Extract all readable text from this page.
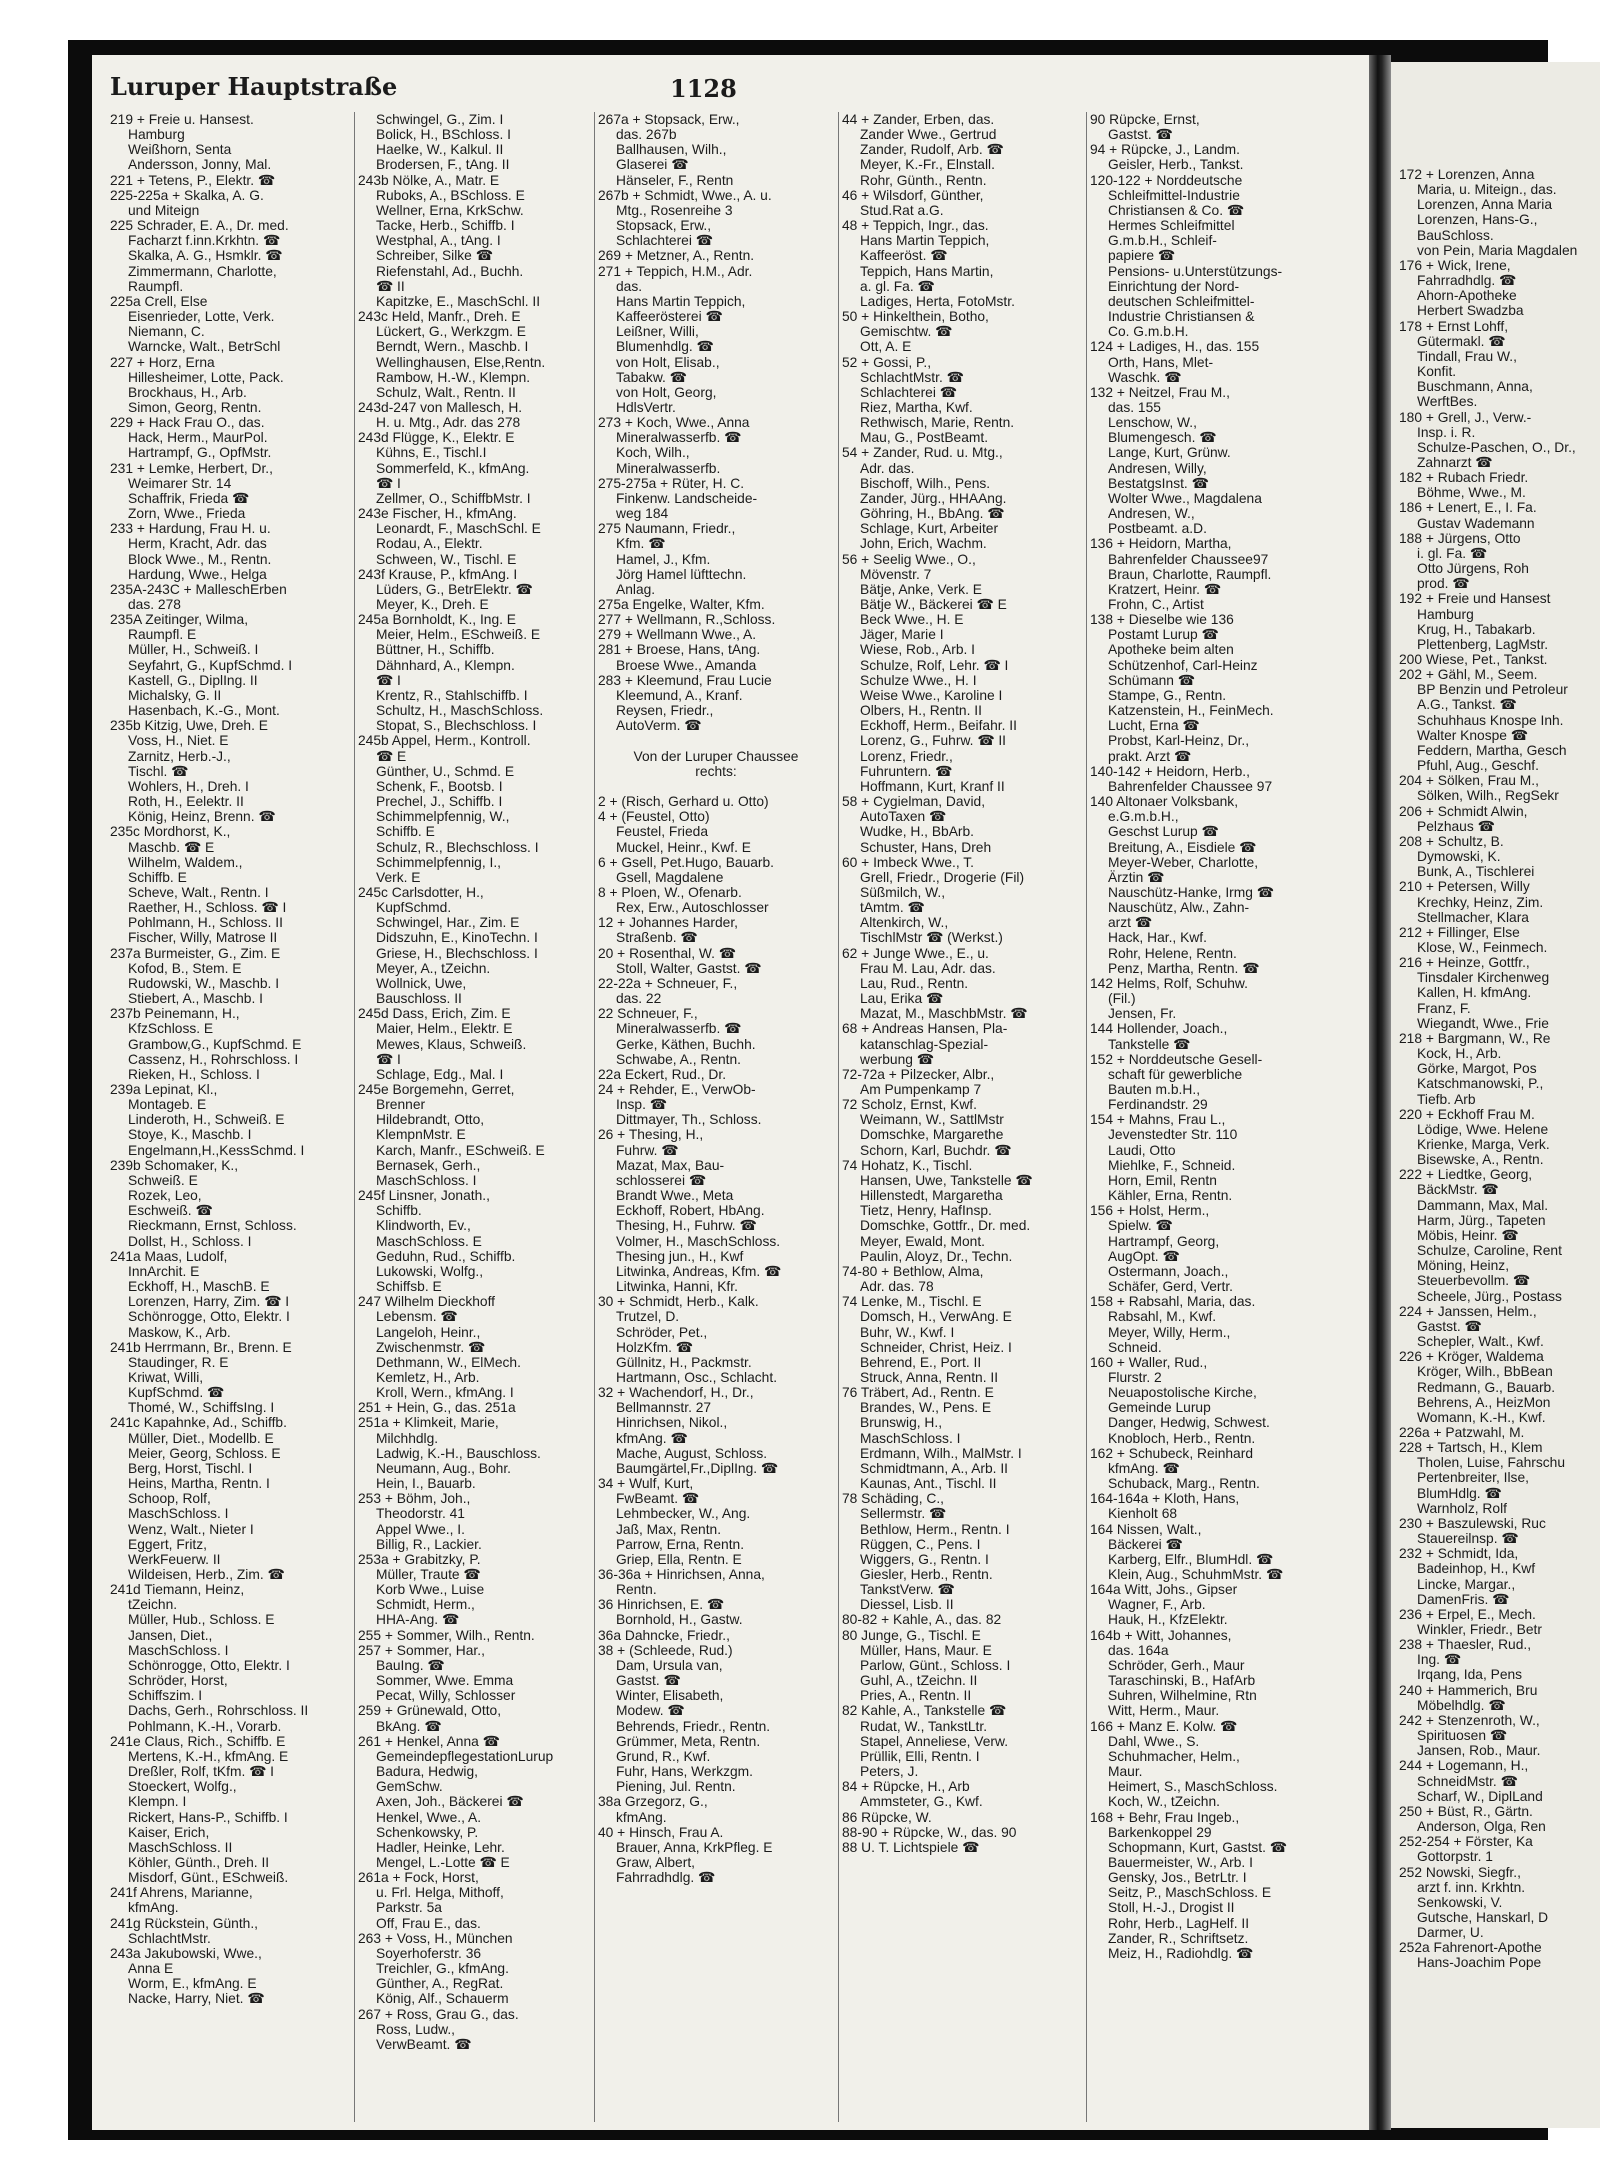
172 + Lorenzen, Anna
Maria, u. Miteign., das.
Lorenzen, Anna Maria
Lorenzen, Hans-G.,
BauSchloss.
von Pein, Maria Magdalen
176 + Wick, Irene,
Fahrradhdlg. ☎
Ahorn-Apotheke
Herbert Swadzba
178 + Ernst Lohff,
Gütermakl. ☎
Tindall, Frau W.,
Konfit.
Buschmann, Anna,
WerftBes.
180 + Grell, J., Verw.-
Insp. i. R.
Schulze-Paschen, O., Dr.,
Zahnarzt ☎
182 + Rubach Friedr.
Böhme, Wwe., M.
186 + Lenert, E., I. Fa.
Gustav Wademann
188 + Jürgens, Otto
i. gl. Fa. ☎
Otto Jürgens, Roh
prod. ☎
192 + Freie und Hansest
Hamburg
Krug, H., Tabakarb.
Plettenberg, LagMstr.
200 Wiese, Pet., Tankst.
202 + Gähl, M., Seem.
BP Benzin und Petroleur
A.G., Tankst. ☎
Schuhhaus Knospe Inh.
Walter Knospe ☎
Feddern, Martha, Gesch
Pfuhl, Aug., Geschf.
204 + Sölken, Frau M.,
Sölken, Wilh., RegSekr
206 + Schmidt Alwin,
Pelzhaus ☎
208 + Schultz, B.
Dymowski, K.
Bunk, A., Tischlerei
210 + Petersen, Willy
Krechky, Heinz, Zim.
Stellmacher, Klara
212 + Fillinger, Else
Klose, W., Feinmech.
216 + Heinze, Gottfr.,
Tinsdaler Kirchenweg
Kallen, H. kfmAng.
Franz, F.
Wiegandt, Wwe., Frie
218 + Bargmann, W., Re
Kock, H., Arb.
Görke, Margot, Pos
Katschmanowski, P.,
Tiefb. Arb
220 + Eckhoff Frau M.
Lödige, Wwe. Helene
Krienke, Marga, Verk.
Bisewske, A., Rentn.
222 + Liedtke, Georg,
BäckMstr. ☎
Dammann, Max, Mal.
Harm, Jürg., Tapeten
Möbis, Heinr. ☎
Schulze, Caroline, Rent
Möning, Heinz,
Steuerbevollm. ☎
Scheele, Jürg., Postass
224 + Janssen, Helm.,
Gastst. ☎
Schepler, Walt., Kwf.
226 + Kröger, Waldema
Kröger, Wilh., BbBean
Redmann, G., Bauarb.
Behrens, A., HeizMon
Womann, K.-H., Kwf.
226a + Patzwahl, M.
228 + Tartsch, H., Klem
Tholen, Luise, Fahrschu
Pertenbreiter, Ilse,
BlumHdlg. ☎
Warnholz, Rolf
230 + Baszulewski, Ruc
Stauereilnsp. ☎
232 + Schmidt, Ida,
Badeinhop, H., Kwf
Lincke, Margar.,
DamenFris. ☎
236 + Erpel, E., Mech.
Winkler, Friedr., Betr
238 + Thaesler, Rud.,
Ing. ☎
Irqang, Ida, Pens
240 + Hammerich, Bru
Möbelhdlg. ☎
242 + Stenzenroth, W.,
Spirituosen ☎
Jansen, Rob., Maur.
244 + Logemann, H.,
SchneidMstr. ☎
Scharf, W., DiplLand
250 + Büst, R., Gärtn.
Anderson, Olga, Ren
252-254 + Förster, Ka
Gottorpstr. 1
252 Nowski, Siegfr.,
arzt f. inn. Krkhtn.
Senkowski, V.
Gutsche, Hanskarl, D
Darmer, U.
252a Fahrenort-Apothe
Hans-Joachim Pope
Luruper Hauptstraße	1128
219 + Freie u. Hansest.
Hamburg
Weißhorn, Senta
Andersson, Jonny, Mal.
221 + Tetens, P., Elektr. ☎
225-225a + Skalka, A. G.
und Miteign
225 Schrader, E. A., Dr. med.
Facharzt f.inn.Krkhtn. ☎
Skalka, A. G., Hsmklr. ☎
Zimmermann, Charlotte,
Raumpfl.
225a Crell, Else
Eisenrieder, Lotte, Verk.
Niemann, C.
Warncke, Walt., BetrSchl
227 + Horz, Erna
Hillesheimer, Lotte, Pack.
Brockhaus, H., Arb.
Simon, Georg, Rentn.
229 + Hack Frau O., das.
Hack, Herm., MaurPol.
Hartrampf, G., OpfMstr.
231 + Lemke, Herbert, Dr.,
Weimarer Str. 14
Schaffrik, Frieda ☎
Zorn, Wwe., Frieda
233 + Hardung, Frau H. u.
Herm, Kracht, Adr. das
Block Wwe., M., Rentn.
Hardung, Wwe., Helga
235A-243C + MalleschErben
das. 278
235A Zeitinger, Wilma,
Raumpfl. E
Müller, H., Schweiß. I
Seyfahrt, G., KupfSchmd. I
Kastell, G., DiplIng. II
Michalsky, G. II
Hasenbach, K.-G., Mont.
235b Kitzig, Uwe, Dreh. E
Voss, H., Niet. E
Zarnitz, Herb.-J.,
Tischl. ☎
Wohlers, H., Dreh. I
Roth, H., Eelektr. II
König, Heinz, Brenn. ☎
235c Mordhorst, K.,
Maschb. ☎ E
Wilhelm, Waldem.,
Schiffb. E
Scheve, Walt., Rentn. I
Raether, H., Schloss. ☎ I
Pohlmann, H., Schloss. II
Fischer, Willy, Matrose II
237a Burmeister, G., Zim. E
Kofod, B., Stem. E
Rudowski, W., Maschb. I
Stiebert, A., Maschb. I
237b Peinemann, H.,
KfzSchloss. E
Grambow,G., KupfSchmd. E
Cassenz, H., Rohrschloss. I
Rieken, H., Schloss. I
239a Lepinat, Kl.,
Montageb. E
Linderoth, H., Schweiß. E
Stoye, K., Maschb. I
Engelmann,H.,KessSchmd. I
239b Schomaker, K.,
Schweiß. E
Rozek, Leo,
Eschweiß. ☎
Rieckmann, Ernst, Schloss.
Dollst, H., Schloss. I
241a Maas, Ludolf,
InnArchit. E
Eckhoff, H., MaschB. E
Lorenzen, Harry, Zim. ☎ I
Schönrogge, Otto, Elektr. I
Maskow, K., Arb.
241b Herrmann, Br., Brenn. E
Staudinger, R. E
Kriwat, Willi,
KupfSchmd. ☎
Thomé, W., SchiffsIng. I
241c Kapahnke, Ad., Schiffb.
Müller, Diet., Modellb. E
Meier, Georg, Schloss. E
Berg, Horst, Tischl. I
Heins, Martha, Rentn. I
Schoop, Rolf,
MaschSchloss. I
Wenz, Walt., Nieter I
Eggert, Fritz,
WerkFeuerw. II
Wildeisen, Herb., Zim. ☎
241d Tiemann, Heinz,
tZeichn.
Müller, Hub., Schloss. E
Jansen, Diet.,
MaschSchloss. I
Schönrogge, Otto, Elektr. I
Schröder, Horst,
Schiffszim. I
Dachs, Gerh., Rohrschloss. II
Pohlmann, K.-H., Vorarb.
241e Claus, Rich., Schiffb. E
Mertens, K.-H., kfmAng. E
Dreßler, Rolf, tKfm. ☎ I
Stoeckert, Wolfg.,
Klempn. I
Rickert, Hans-P., Schiffb. I
Kaiser, Erich,
MaschSchloss. II
Köhler, Günth., Dreh. II
Misdorf, Günt., ESchweiß.
241f Ahrens, Marianne,
kfmAng.
241g Rückstein, Günth.,
SchlachtMstr.
243a Jakubowski, Wwe.,
Anna E
Worm, E., kfmAng. E
Nacke, Harry, Niet. ☎
Schwingel, G., Zim. I
Bolick, H., BSchloss. I
Haelke, W., Kalkul. II
Brodersen, F., tAng. II
243b Nölke, A., Matr. E
Ruboks, A., BSchloss. E
Wellner, Erna, KrkSchw.
Tacke, Herb., Schiffb. I
Westphal, A., tAng. I
Schreiber, Silke ☎
Riefenstahl, Ad., Buchh.
☎ II
Kapitzke, E., MaschSchl. II
243c Held, Manfr., Dreh. E
Lückert, G., Werkzgm. E
Berndt, Wern., Maschb. I
Wellinghausen, Else,Rentn.
Rambow, H.-W., Klempn.
Schulz, Walt., Rentn. II
243d-247 von Mallesch, H.
H. u. Mtg., Adr. das 278
243d Flügge, K., Elektr. E
Kühns, E., Tischl.I
Sommerfeld, K., kfmAng.
☎ I
Zellmer, O., SchiffbMstr. I
243e Fischer, H., kfmAng.
Leonardt, F., MaschSchl. E
Rodau, A., Elektr.
Schween, W., Tischl. E
243f Krause, P., kfmAng. I
Lüders, G., BetrElektr. ☎
Meyer, K., Dreh. E
245a Bornholdt, K., Ing. E
Meier, Helm., ESchweiß. E
Büttner, H., Schiffb.
Dähnhard, A., Klempn.
☎ I
Krentz, R., Stahlschiffb. I
Schultz, H., MaschSchloss.
Stopat, S., Blechschloss. I
245b Appel, Herm., Kontroll.
☎ E
Günther, U., Schmd. E
Schenk, F., Bootsb. I
Prechel, J., Schiffb. I
Schimmelpfennig, W.,
Schiffb. E
Schulz, R., Blechschloss. I
Schimmelpfennig, I.,
Verk. E
245c Carlsdotter, H.,
KupfSchmd.
Schwingel, Har., Zim. E
Didszuhn, E., KinoTechn. I
Griese, H., Blechschloss. I
Meyer, A., tZeichn.
Wollnick, Uwe,
Bauschloss. II
245d Dass, Erich, Zim. E
Maier, Helm., Elektr. E
Mewes, Klaus, Schweiß.
☎ I
Schlage, Edg., Mal. I
245e Borgemehn, Gerret,
Brenner
Hildebrandt, Otto,
KlempnMstr. E
Karch, Manfr., ESchweiß. E
Bernasek, Gerh.,
MaschSchloss. I
245f Linsner, Jonath.,
Schiffb.
Klindworth, Ev.,
MaschSchloss. E
Geduhn, Rud., Schiffb.
Lukowski, Wolfg.,
Schiffsb. E
247 Wilhelm Dieckhoff
Lebensm. ☎
Langeloh, Heinr.,
Zwischenmstr. ☎
Dethmann, W., ElMech.
Kemletz, H., Arb.
Kroll, Wern., kfmAng. I
251 + Hein, G., das. 251a
251a + Klimkeit, Marie,
Milchhdlg.
Ladwig, K.-H., Bauschloss.
Neumann, Aug., Bohr.
Hein, I., Bauarb.
253 + Böhm, Joh.,
Theodorstr. 41
Appel Wwe., I.
Billig, R., Lackier.
253a + Grabitzky, P.
Müller, Traute ☎
Korb Wwe., Luise
Schmidt, Herm.,
HHA-Ang. ☎
255 + Sommer, Wilh., Rentn.
257 + Sommer, Har.,
BauIng. ☎
Sommer, Wwe. Emma
Pecat, Willy, Schlosser
259 + Grünewald, Otto,
BkAng. ☎
261 + Henkel, Anna ☎
GemeindepflegestationLurup
Badura, Hedwig,
GemSchw.
Axen, Joh., Bäckerei ☎
Henkel, Wwe., A.
Schenkowsky, P.
Hadler, Heinke, Lehr.
Mengel, L.-Lotte ☎ E
261a + Fock, Horst,
u. Frl. Helga, Mithoff,
Parkstr. 5a
Off, Frau E., das.
263 + Voss, H., München
Soyerhoferstr. 36
Treichler, G., kfmAng.
Günther, A., RegRat.
König, Alf., Schauerm
267 + Ross, Grau G., das.
Ross, Ludw.,
VerwBeamt. ☎
267a + Stopsack, Erw.,
das. 267b
Ballhausen, Wilh.,
Glaserei ☎
Hänseler, F., Rentn
267b + Schmidt, Wwe., A. u.
Mtg., Rosenreihe 3
Stopsack, Erw.,
Schlachterei ☎
269 + Metzner, A., Rentn.
271 + Teppich, H.M., Adr.
das.
Hans Martin Teppich,
Kaffeerösterei ☎
Leißner, Willi,
Blumenhdlg. ☎
von Holt, Elisab.,
Tabakw. ☎
von Holt, Georg,
HdlsVertr.
273 + Koch, Wwe., Anna
Mineralwasserfb. ☎
Koch, Wilh.,
Mineralwasserfb.
275-275a + Rüter, H. C.
Finkenw. Landscheide-
weg 184
275 Naumann, Friedr.,
Kfm. ☎
Hamel, J., Kfm.
Jörg Hamel lüfttechn.
Anlag.
275a Engelke, Walter, Kfm.
277 + Wellmann, R.,Schloss.
279 + Wellmann Wwe., A.
281 + Broese, Hans, tAng.
Broese Wwe., Amanda
283 + Kleemund, Frau Lucie
Kleemund, A., Kranf.
Reysen, Friedr.,
AutoVerm. ☎

Von der Luruper Chaussee
rechts:

2 + (Risch, Gerhard u. Otto)
4 + (Feustel, Otto)
Feustel, Frieda
Muckel, Heinr., Kwf. E
6 + Gsell, Pet.Hugo, Bauarb.
Gsell, Magdalene
8 + Ploen, W., Ofenarb.
Rex, Erw., Autoschlosser
12 + Johannes Harder,
Straßenb. ☎
20 + Rosenthal, W. ☎
Stoll, Walter, Gastst. ☎
22-22a + Schneuer, F.,
das. 22
22 Schneuer, F.,
Mineralwasserfb. ☎
Gerke, Käthen, Buchh.
Schwabe, A., Rentn.
22a Eckert, Rud., Dr.
24 + Rehder, E., VerwOb-
Insp. ☎
Dittmayer, Th., Schloss.
26 + Thesing, H.,
Fuhrw. ☎
Mazat, Max, Bau-
schlosserei ☎
Brandt Wwe., Meta
Eckhoff, Robert, HbAng.
Thesing, H., Fuhrw. ☎
Volmer, H., MaschSchloss.
Thesing jun., H., Kwf
Litwinka, Andreas, Kfm. ☎
Litwinka, Hanni, Kfr.
30 + Schmidt, Herb., Kalk.
Trutzel, D.
Schröder, Pet.,
HolzKfm. ☎
Güllnitz, H., Packmstr.
Hartmann, Osc., Schlacht.
32 + Wachendorf, H., Dr.,
Bellmannstr. 27
Hinrichsen, Nikol.,
kfmAng. ☎
Mache, August, Schloss.
Baumgärtel,Fr.,DiplIng. ☎
34 + Wulf, Kurt,
FwBeamt. ☎
Lehmbecker, W., Ang.
Jaß, Max, Rentn.
Parrow, Erna, Rentn.
Griep, Ella, Rentn. E
36-36a + Hinrichsen, Anna,
Rentn.
36 Hinrichsen, E. ☎
Bornhold, H., Gastw.
36a Dahncke, Friedr.,
38 + (Schleede, Rud.)
Dam, Ursula van,
Gastst. ☎
Winter, Elisabeth,
Modew. ☎
Behrends, Friedr., Rentn.
Grümmer, Meta, Rentn.
Grund, R., Kwf.
Fuhr, Hans, Werkzgm.
Piening, Jul. Rentn.
38a Grzegorz, G.,
kfmAng.
40 + Hinsch, Frau A.
Brauer, Anna, KrkPfleg. E
Graw, Albert,
Fahrradhdlg. ☎
44 + Zander, Erben, das.
Zander Wwe., Gertrud
Zander, Rudolf, Arb. ☎
Meyer, K.-Fr., Elnstall.
Rohr, Günth., Rentn.
46 + Wilsdorf, Günther,
Stud.Rat a.G.
48 + Teppich, Ingr., das.
Hans Martin Teppich,
Kaffeeröst. ☎
Teppich, Hans Martin,
a. gl. Fa. ☎
Ladiges, Herta, FotoMstr.
50 + Hinkelthein, Botho,
Gemischtw. ☎
Ott, A. E
52 + Gossi, P.,
SchlachtMstr. ☎
Schlachterei ☎
Riez, Martha, Kwf.
Rethwisch, Marie, Rentn.
Mau, G., PostBeamt.
54 + Zander, Rud. u. Mtg.,
Adr. das.
Bischoff, Wilh., Pens.
Zander, Jürg., HHAAng.
Göhring, H., BbAng. ☎
Schlage, Kurt, Arbeiter
John, Erich, Wachm.
56 + Seelig Wwe., O.,
Mövenstr. 7
Bätje, Anke, Verk. E
Bätje W., Bäckerei ☎ E
Beck Wwe., H. E
Jäger, Marie I
Wiese, Rob., Arb. I
Schulze, Rolf, Lehr. ☎ I
Schulze Wwe., H. I
Weise Wwe., Karoline I
Olbers, H., Rentn. II
Eckhoff, Herm., Beifahr. II
Lorenz, G., Fuhrw. ☎ II
Lorenz, Friedr.,
Fuhruntern. ☎
Hoffmann, Kurt, Kranf II
58 + Cygielman, David,
AutoTaxen ☎
Wudke, H., BbArb.
Schuster, Hans, Dreh
60 + Imbeck Wwe., T.
Grell, Friedr., Drogerie (Fil)
Süßmilch, W.,
tAmtm. ☎
Altenkirch, W.,
TischlMstr ☎ (Werkst.)
62 + Junge Wwe., E., u.
Frau M. Lau, Adr. das.
Lau, Rud., Rentn.
Lau, Erika ☎
Mazat, M., MaschbMstr. ☎
68 + Andreas Hansen, Pla-
katanschlag-Spezial-
werbung ☎
72-72a + Pilzecker, Albr.,
Am Pumpenkamp 7
72 Scholz, Ernst, Kwf.
Weimann, W., SattlMstr
Domschke, Margarethe
Schorn, Karl, Buchdr. ☎
74 Hohatz, K., Tischl.
Hansen, Uwe, Tankstelle ☎
Hillenstedt, Margaretha
Tietz, Henry, HafInsp.
Domschke, Gottfr., Dr. med.
Meyer, Ewald, Mont.
Paulin, Aloyz, Dr., Techn.
74-80 + Bethlow, Alma,
Adr. das. 78
74 Lenke, M., Tischl. E
Domsch, H., VerwAng. E
Buhr, W., Kwf. I
Schneider, Christ, Heiz. I
Behrend, E., Port. II
Struck, Anna, Rentn. II
76 Träbert, Ad., Rentn. E
Brandes, W., Pens. E
Brunswig, H.,
MaschSchloss. I
Erdmann, Wilh., MalMstr. I
Schmidtmann, A., Arb. II
Kaunas, Ant., Tischl. II
78 Schäding, C.,
Sellermstr. ☎
Bethlow, Herm., Rentn. I
Rüggen, C., Pens. I
Wiggers, G., Rentn. I
Giesler, Herb., Rentn.
TankstVerw. ☎
Diessel, Lisb. II
80-82 + Kahle, A., das. 82
80 Junge, G., Tischl. E
Müller, Hans, Maur. E
Parlow, Günt., Schloss. I
Guhl, A., tZeichn. II
Pries, A., Rentn. II
82 Kahle, A., Tankstelle ☎
Rudat, W., TankstLtr.
Stapel, Anneliese, Verw.
Prüllik, Elli, Rentn. I
Peters, J.
84 + Rüpcke, H., Arb
Ammsteter, G., Kwf.
86 Rüpcke, W.
88-90 + Rüpcke, W., das. 90
88 U. T. Lichtspiele ☎
90 Rüpcke, Ernst,
Gastst. ☎
94 + Rüpcke, J., Landm.
Geisler, Herb., Tankst.
120-122 + Norddeutsche
Schleifmittel-Industrie
Christiansen & Co. ☎
Hermes Schleifmittel
G.m.b.H., Schleif-
papiere ☎
Pensions- u.Unterstützungs-
Einrichtung der Nord-
deutschen Schleifmittel-
Industrie Christiansen &
Co. G.m.b.H.
124 + Ladiges, H., das. 155
Orth, Hans, Mlet-
Waschk. ☎
132 + Neitzel, Frau M.,
das. 155
Lenschow, W.,
Blumengesch. ☎
Lange, Kurt, Grünw.
Andresen, Willy,
BestatgsInst. ☎
Wolter Wwe., Magdalena
Andresen, W.,
Postbeamt. a.D.
136 + Heidorn, Martha,
Bahrenfelder Chaussee97
Braun, Charlotte, Raumpfl.
Kratzert, Heinr. ☎
Frohn, C., Artist
138 + Dieselbe wie 136
Postamt Lurup ☎
Apotheke beim alten
Schützenhof, Carl-Heinz
Schümann ☎
Stampe, G., Rentn.
Katzenstein, H., FeinMech.
Lucht, Erna ☎
Probst, Karl-Heinz, Dr.,
prakt. Arzt ☎
140-142 + Heidorn, Herb.,
Bahrenfelder Chaussee 97
140 Altonaer Volksbank,
e.G.m.b.H.,
Geschst Lurup ☎
Breitung, A., Eisdiele ☎
Meyer-Weber, Charlotte,
Ärztin ☎
Nauschütz-Hanke, Irmg ☎
Nauschütz, Alw., Zahn-
arzt ☎
Hack, Har., Kwf.
Rohr, Helene, Rentn.
Penz, Martha, Rentn. ☎
142 Helms, Rolf, Schuhw.
(Fil.)
Jensen, Fr.
144 Hollender, Joach.,
Tankstelle ☎
152 + Norddeutsche Gesell-
schaft für gewerbliche
Bauten m.b.H.,
Ferdinandstr. 29
154 + Mahns, Frau L.,
Jevenstedter Str. 110
Laudi, Otto
Miehlke, F., Schneid.
Horn, Emil, Rentn
Kähler, Erna, Rentn.
156 + Holst, Herm.,
Spielw. ☎
Hartrampf, Georg,
AugOpt. ☎
Ostermann, Joach.,
Schäfer, Gerd, Vertr.
158 + Rabsahl, Maria, das.
Rabsahl, M., Kwf.
Meyer, Willy, Herm.,
Schneid.
160 + Waller, Rud.,
Flurstr. 2
Neuapostolische Kirche,
Gemeinde Lurup
Danger, Hedwig, Schwest.
Knobloch, Herb., Rentn.
162 + Schubeck, Reinhard
kfmAng. ☎
Schuback, Marg., Rentn.
164-164a + Kloth, Hans,
Kienholt 68
164 Nissen, Walt.,
Bäckerei ☎
Karberg, Elfr., BlumHdl. ☎
Klein, Aug., SchuhmMstr. ☎
164a Witt, Johs., Gipser
Wagner, F., Arb.
Hauk, H., KfzElektr.
164b + Witt, Johannes,
das. 164a
Schröder, Gerh., Maur
Taraschinski, B., HafArb
Suhren, Wilhelmine, Rtn
Witt, Herm., Maur.
166 + Manz E. Kolw. ☎
Dahl, Wwe., S.
Schuhmacher, Helm.,
Maur.
Heimert, S., MaschSchloss.
Koch, W., tZeichn.
168 + Behr, Frau Ingeb.,
Barkenkoppel 29
Schopmann, Kurt, Gastst. ☎
Bauermeister, W., Arb. I
Gensky, Jos., BetrLtr. I
Seitz, P., MaschSchloss. E
Stoll, H.-J., Drogist II
Rohr, Herb., LagHelf. II
Zander, R., Schriftsetz.
Meiz, H., Radiohdlg. ☎
